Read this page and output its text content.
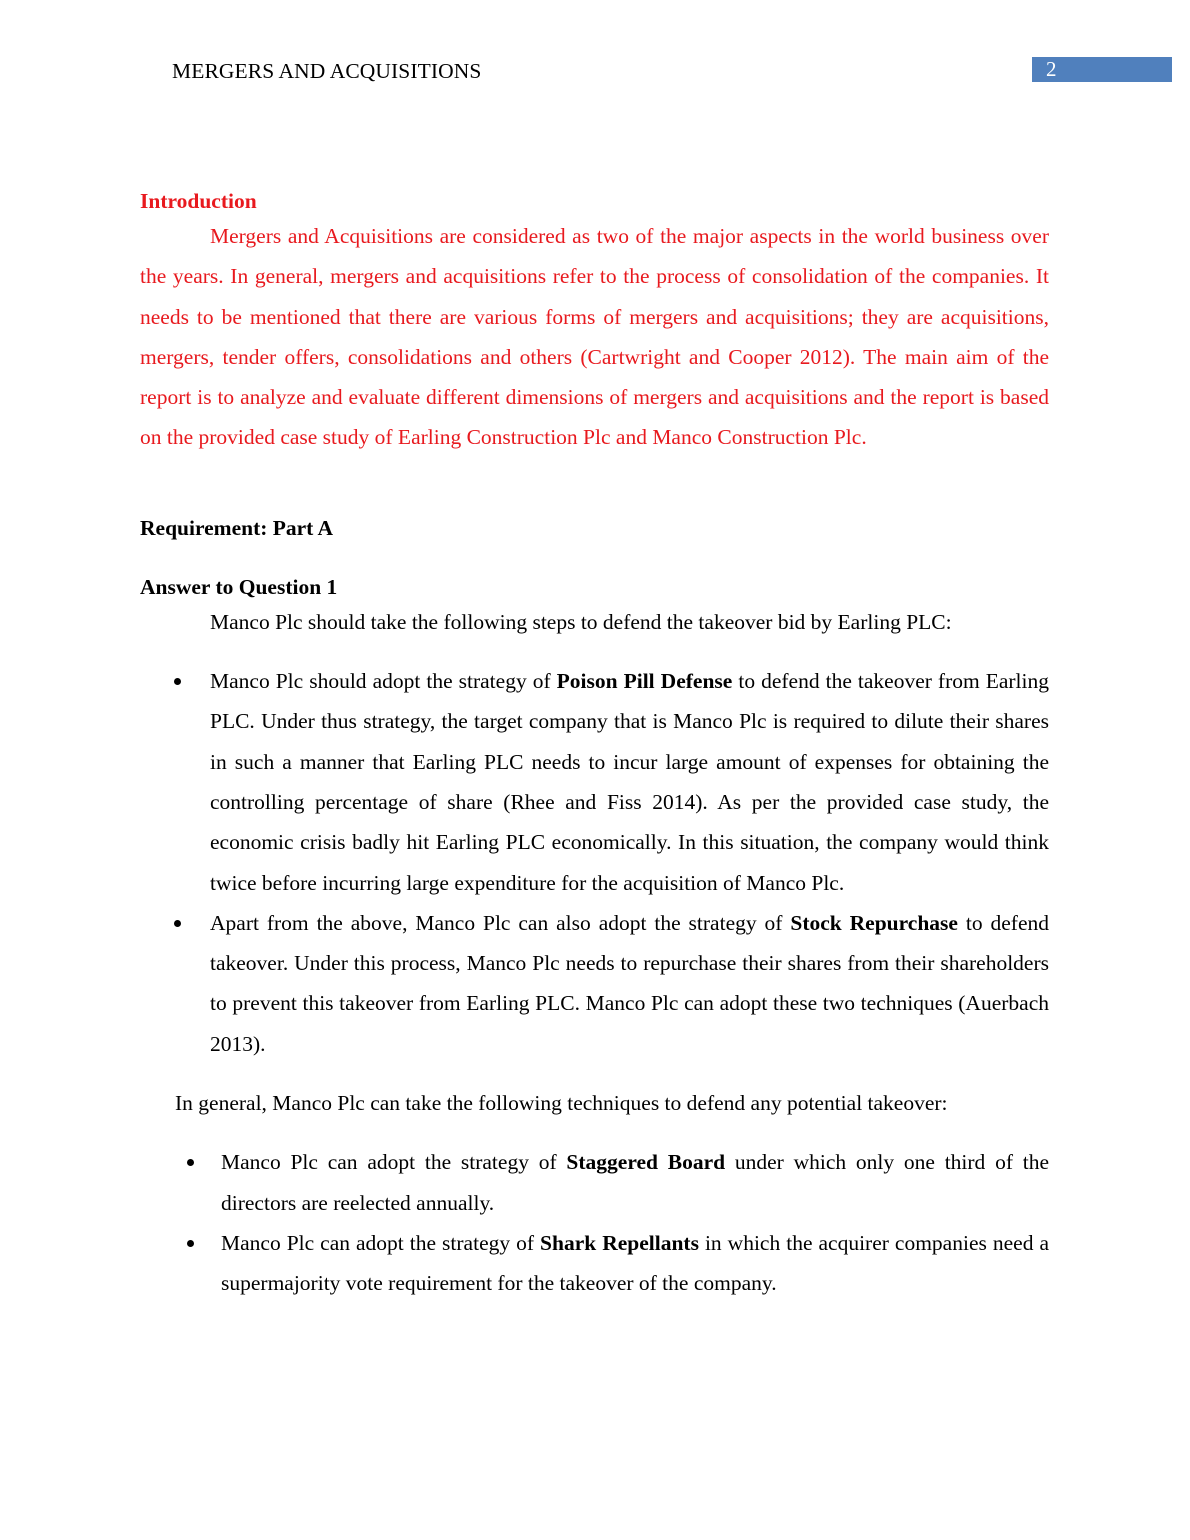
MERGERS AND ACQUISITIONS	2
Introduction

Mergers and Acquisitions are considered as two of the major aspects in the world business over the years. In general, mergers and acquisitions refer to the process of consolidation of the companies. It needs to be mentioned that there are various forms of mergers and acquisitions; they are acquisitions, mergers, tender offers, consolidations and others (Cartwright and Cooper 2012). The main aim of the report is to analyze and evaluate different dimensions of mergers and acquisitions and the report is based on the provided case study of Earling Construction Plc and Manco Construction Plc.

Requirement: Part A
Answer to Question 1

Manco Plc should take the following steps to defend the takeover bid by Earling PLC:

Manco Plc should adopt the strategy of Poison Pill Defense to defend the takeover from Earling PLC. Under thus strategy, the target company that is Manco Plc is required to dilute their shares in such a manner that Earling PLC needs to incur large amount of expenses for obtaining the controlling percentage of share (Rhee and Fiss 2014). As per the provided case study, the economic crisis badly hit Earling PLC economically. In this situation, the company would think twice before incurring large expenditure for the acquisition of Manco Plc.
Apart from the above, Manco Plc can also adopt the strategy of Stock Repurchase to defend takeover. Under this process, Manco Plc needs to repurchase their shares from their shareholders to prevent this takeover from Earling PLC. Manco Plc can adopt these two techniques (Auerbach 2013).
In general, Manco Plc can take the following techniques to defend any potential takeover:
Manco Plc can adopt the strategy of Staggered Board under which only one third of the directors are reelected annually.
Manco Plc can adopt the strategy of Shark Repellants in which the acquirer companies need a supermajority vote requirement for the takeover of the company.
